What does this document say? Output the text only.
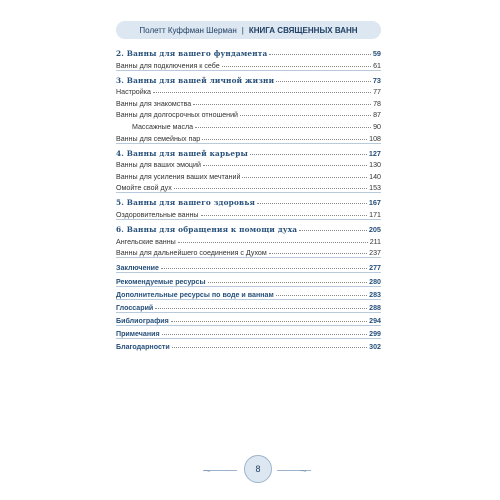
Полетт Куффман Шерман | КНИГА СВЯЩЕННЫХ ВАНН
2. Ванны для вашего фундамента	59
Ванны для подключения к себе	61
3. Ванны для вашей личной жизни	73
Настройка	77
Ванны для знакомства	78
Ванны для долгосрочных отношений	87
Массажные масла	90
Ванны для семейных пар	108
4. Ванны для вашей карьеры	127
Ванны для ваших эмоций	130
Ванны для усиления ваших мечтаний	140
Омойте свой дух	153
5. Ванны для вашего здоровья	167
Оздоровительные ванны	171
6. Ванны для обращения к помощи духа	205
Ангельские ванны	211
Ванны для дальнейшего соединения с Духом	237
Заключение	277
Рекомендуемые ресурсы	280
Дополнительные ресурсы по воде и ваннам	283
Глоссарий	288
Библиография	294
Примечания	299
Благодарности	302
~	8	~
